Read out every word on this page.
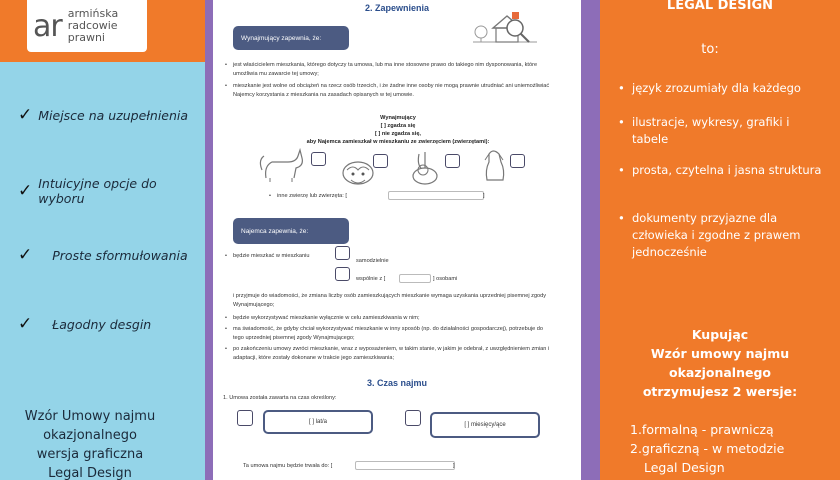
ar armińska
radcowie
prawni
✓ Miejsce na uzupełnienia
✓ Intuicyjne opcje do wyboru
✓ Proste sformułowania
✓ Łagodny desgin
Wzór Umowy najmu
okazjonalnego
wersja graficzna
Legal Design
2. Zapewnienia
Wynajmujący zapewnia, że:
•	jest właścicielem mieszkania, którego dotyczy ta umowa, lub ma inne stosowne prawo do takiego nim dysponowania, które umożliwia mu zawarcie tej umowy;
•	mieszkanie jest wolne od obciążeń na rzecz osób trzecich, i że żadne inne osoby nie mogą prawnie utrudniać ani uniemożliwiać Najemcy korzystania z mieszkania na zasadach opisanych w tej umowie.
Wynajmujący
[ ] zgadza się
[ ] nie zgadza się,
aby Najemca zamieszkał w mieszkaniu ze zwierzęciem (zwierzętami):
• inne zwierzę lub zwierzęta: [	]
Najemca zapewnia, że:
• będzie mieszkać w mieszkaniu
samodzielnie
wspólnie z [	] osobami
i przyjmuje do wiadomości, że zmiana liczby osób zamieszkujących mieszkanie wymaga uzyskania uprzedniej pisemnej zgody Wynajmującego;
• będzie wykorzystywać mieszkanie wyłącznie w celu zamieszkiwania w nim;
• ma świadomość, że gdyby chciał wykorzystywać mieszkanie w inny sposób (np. do działalności gospodarczej), potrzebuje do tego uprzedniej pisemnej zgody Wynajmującego;
• po zakończeniu umowy zwróci mieszkanie, wraz z wyposażeniem, w takim stanie, w jakim je odebrał, z uwzględnieniem zmian i adaptacji, które zostały dokonane w trakcie jego zamieszkiwania;
3. Czas najmu
1. Umowa została zawarta na czas określony:
[ ] lat/a	[ ] miesięcy/ące
Ta umowa najmu będzie trwała do: [	]
LEGAL DESIGN
to:
• język zrozumiały dla każdego
• ilustracje, wykresy, grafiki i tabele
• prosta, czytelna i jasna struktura
• dokumenty przyjazne dla człowieka i zgodne z prawem jednocześnie
Kupując
Wzór umowy najmu
okazjonalnego
otrzymujesz 2 wersje:
1.formalną - prawniczą
2.graficzną - w metodzie
Legal Design
